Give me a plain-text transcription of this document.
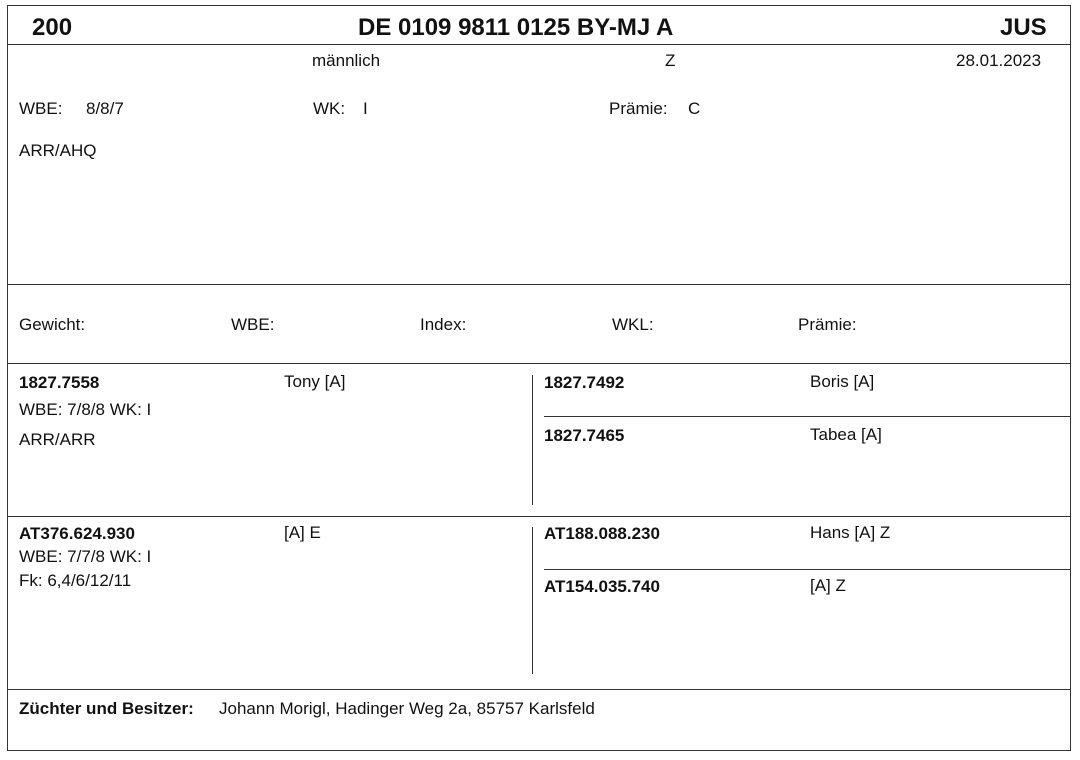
200	DE 0109 9811 0125 BY-MJ A	JUS
männlich	Z	28.01.2023
WBE: 8/8/7	WK: I	Prämie: C
ARR/AHQ
Gewicht:	WBE:	Index:	WKL:	Prämie:
1827.7558	Tony [A]
WBE: 7/8/8 WK: I
ARR/ARR
1827.7492	Boris [A]
1827.7465	Tabea [A]
AT376.624.930	[A] E
WBE: 7/7/8 WK: I
Fk: 6,4/6/12/11
AT188.088.230	Hans [A] Z
AT154.035.740	[A] Z
Züchter und Besitzer: Johann Morigl, Hadinger Weg 2a, 85757 Karlsfeld
